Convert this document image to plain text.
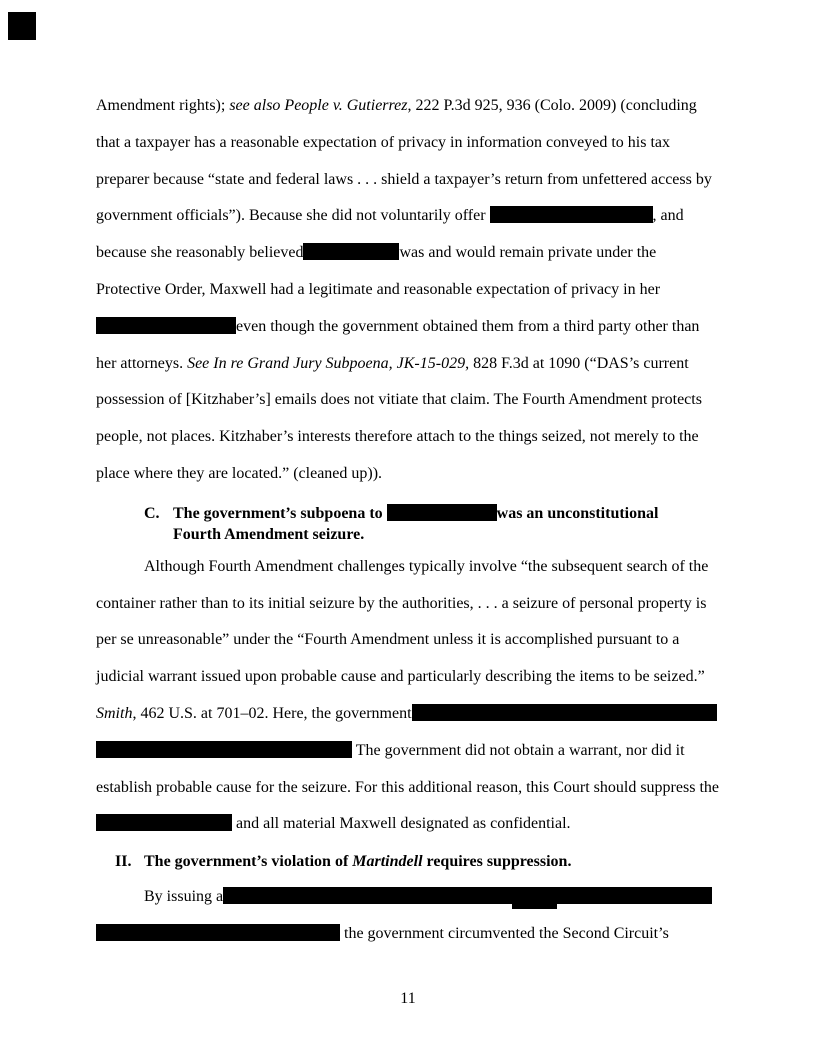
Amendment rights); see also People v. Gutierrez, 222 P.3d 925, 936 (Colo. 2009) (concluding
that a taxpayer has a reasonable expectation of privacy in information conveyed to his tax
preparer because “state and federal laws . . . shield a taxpayer’s return from unfettered access by
government officials”). Because she did not voluntarily offer	, and
because she reasonably believed	was and would remain private under the
Protective Order, Maxwell had a legitimate and reasonable expectation of privacy in her
even though the government obtained them from a third party other than
her attorneys. See In re Grand Jury Subpoena, JK-15-029, 828 F.3d at 1090 (“DAS’s current
possession of [Kitzhaber’s] emails does not vitiate that claim. The Fourth Amendment protects
people, not places. Kitzhaber’s interests therefore attach to the things seized, not merely to the
place where they are located.” (cleaned up)).
C. The government’s subpoena to	was an unconstitutional
Fourth Amendment seizure.
Although Fourth Amendment challenges typically involve “the subsequent search of the
container rather than to its initial seizure by the authorities, . . . a seizure of personal property is
per se unreasonable” under the “Fourth Amendment unless it is accomplished pursuant to a
judicial warrant issued upon probable cause and particularly describing the items to be seized.”
Smith, 462 U.S. at 701–02. Here, the government
The government did not obtain a warrant, nor did it
establish probable cause for the seizure. For this additional reason, this Court should suppress the
and all material Maxwell designated as confidential.
II. The government’s violation of Martindell requires suppression.
By issuing a
the government circumvented the Second Circuit’s
11
